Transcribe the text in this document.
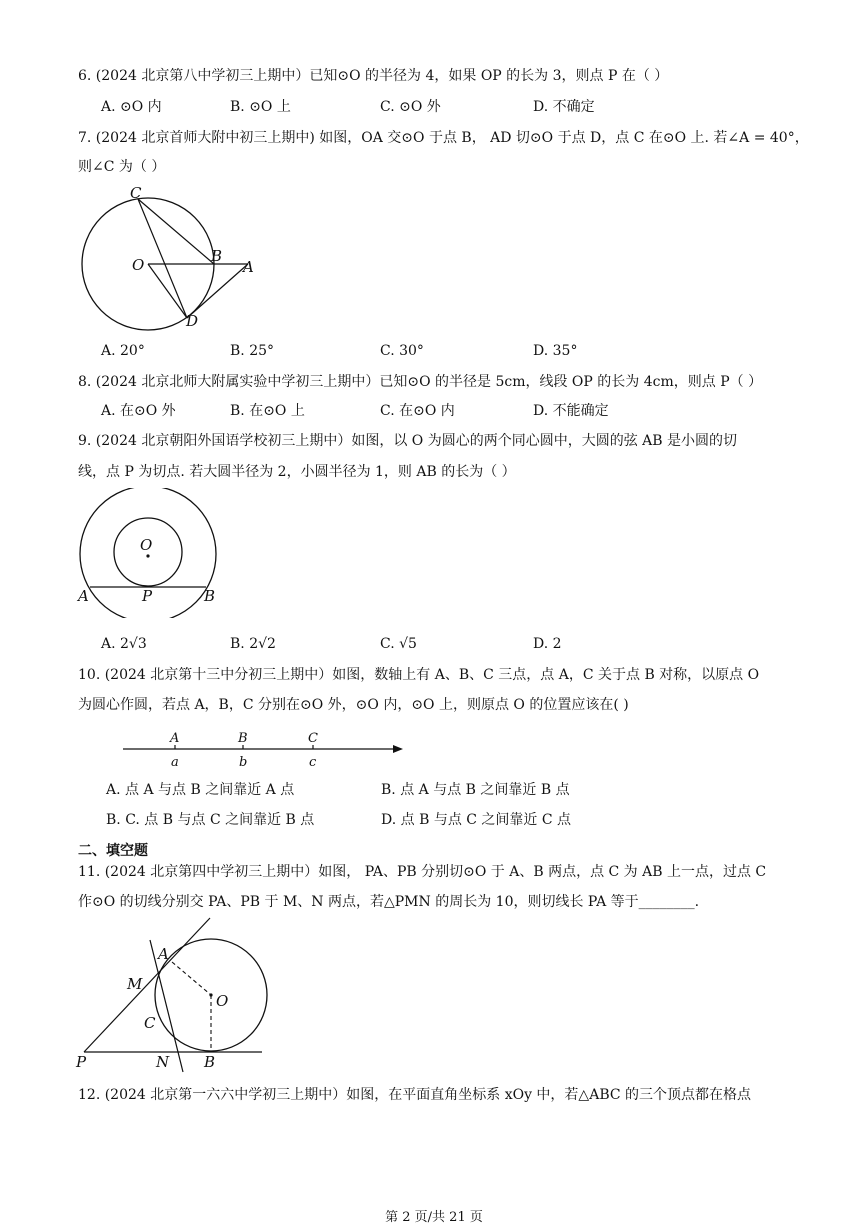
6. (2024 北京第八中学初三上期中）已知⊙O 的半径为 4，如果 OP 的长为 3，则点 P 在（ ）
A. ⊙O 内	B. ⊙O 上	C. ⊙O 外	D. 不确定
7. (2024 北京首师大附中初三上期中) 如图，OA 交⊙O 于点 B， AD 切⊙O 于点 D，点 C 在⊙O 上. 若∠A = 40°，
则∠C 为（ ）
C
O	B
A
D
A. 20°	B. 25°	C. 30°	D. 35°
8. (2024 北京北师大附属实验中学初三上期中）已知⊙O 的半径是 5cm，线段 OP 的长为 4cm，则点 P（ ）
A. 在⊙O 外	B. 在⊙O 上	C. 在⊙O 内	D. 不能确定
9. (2024 北京朝阳外国语学校初三上期中）如图，以 O 为圆心的两个同心圆中，大圆的弦 AB 是小圆的切
线，点 P 为切点. 若大圆半径为 2，小圆半径为 1，则 AB 的长为（ ）
O
A	P	B
A. 2√3	B. 2√2	C. √5	D. 2
10. (2024 北京第十三中分初三上期中）如图，数轴上有 A、B、C 三点，点 A，C 关于点 B 对称，以原点 O
为圆心作圆，若点 A，B，C 分别在⊙O 外，⊙O 内，⊙O 上，则原点 O 的位置应该在( )
A	B	C
a	b	c
A. 点 A 与点 B 之间靠近 A 点	B. 点 A 与点 B 之间靠近 B 点
B. C. 点 B 与点 C 之间靠近 B 点	D. 点 B 与点 C 之间靠近 C 点
二、填空题
11. (2024 北京第四中学初三上期中）如图， PA、PB 分别切⊙O 于 A、B 两点，点 C 为 AB 上一点，过点 C
作⊙O 的切线分别交 PA、PB 于 M、N 两点，若△PMN 的周长为 10，则切线长 PA 等于________.
A
M
O
C
P	N B
12. (2024 北京第一六六中学初三上期中）如图，在平面直角坐标系 xOy 中，若△ABC 的三个顶点都在格点
第 2 页/共 21 页
